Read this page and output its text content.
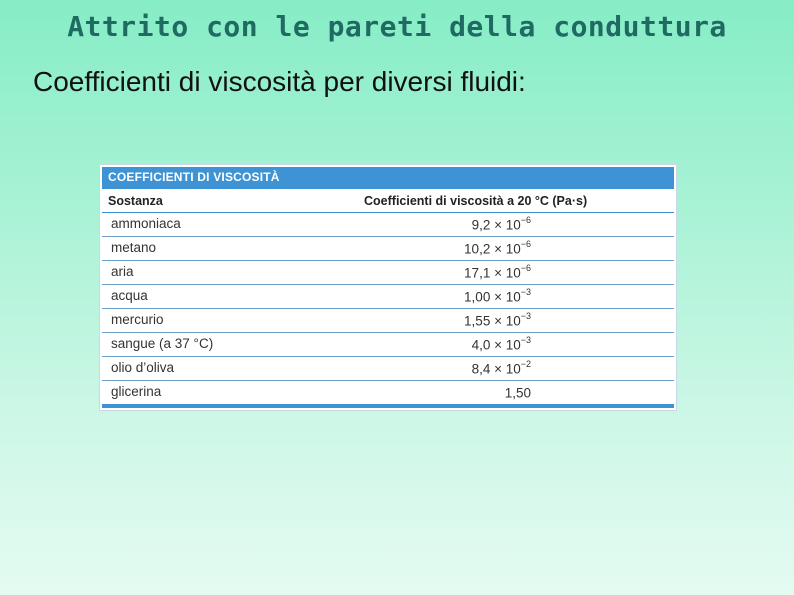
Attrito con le pareti della conduttura
Coefficienti di viscosità per diversi fluidi:
COEFFICIENTI DI VISCOSITÀ
Sostanza	Coefficienti di viscosità a 20 °C (Pa·s)
ammoniaca	$9,2 \times 10^{-6}$
metano	$10,2 \times 10^{-6}$
aria	$17,1 \times 10^{-6}$
acqua	$1,00 \times 10^{-3}$
mercurio	$1,55 \times 10^{-3}$
sangue (a 37 °C)	$4,0 \times 10^{-3}$
olio d’oliva	$8,4 \times 10^{-2}$
glicerina	1,50
